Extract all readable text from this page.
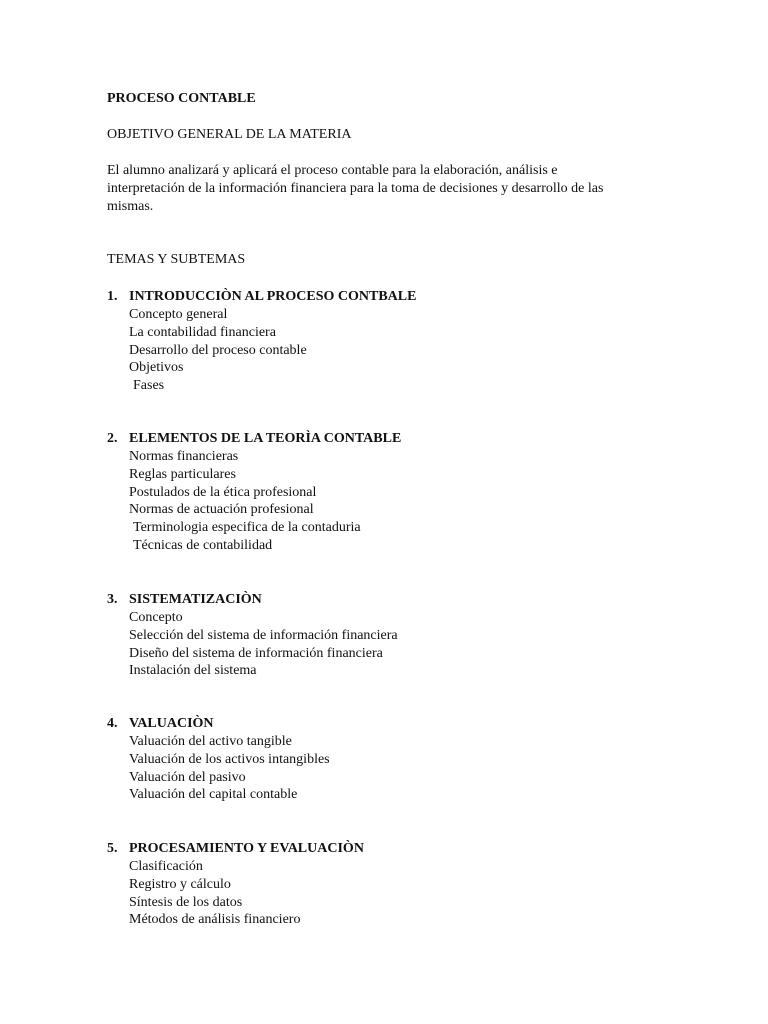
PROCESO CONTABLE
OBJETIVO GENERAL DE LA MATERIA

El alumno analizará y aplicará el proceso contable para la elaboración, análisis e
interpretación de la información financiera para la toma de decisiones y desarrollo de las
mismas.

TEMAS Y SUBTEMAS
1. INTRODUCCIÒN AL PROCESO CONTBALE
Concepto general
La contabilidad financiera
Desarrollo del proceso contable
Objetivos
Fases
2. ELEMENTOS DE LA TEORÌA CONTABLE
Normas financieras
Reglas particulares
Postulados de la ética profesional
Normas de actuación profesional
Terminologia especifica de la contaduria
Técnicas de contabilidad
3. SISTEMATIZACIÒN
Concepto
Selección del sistema de información financiera
Diseño del sistema de información financiera
Instalación del sistema
4. VALUACIÒN
Valuación del activo tangible
Valuación de los activos intangibles
Valuación del pasivo
Valuación del capital contable
5. PROCESAMIENTO Y EVALUACIÒN
Clasificación
Registro y cálculo
Síntesis de los datos
Métodos de análisis financiero
